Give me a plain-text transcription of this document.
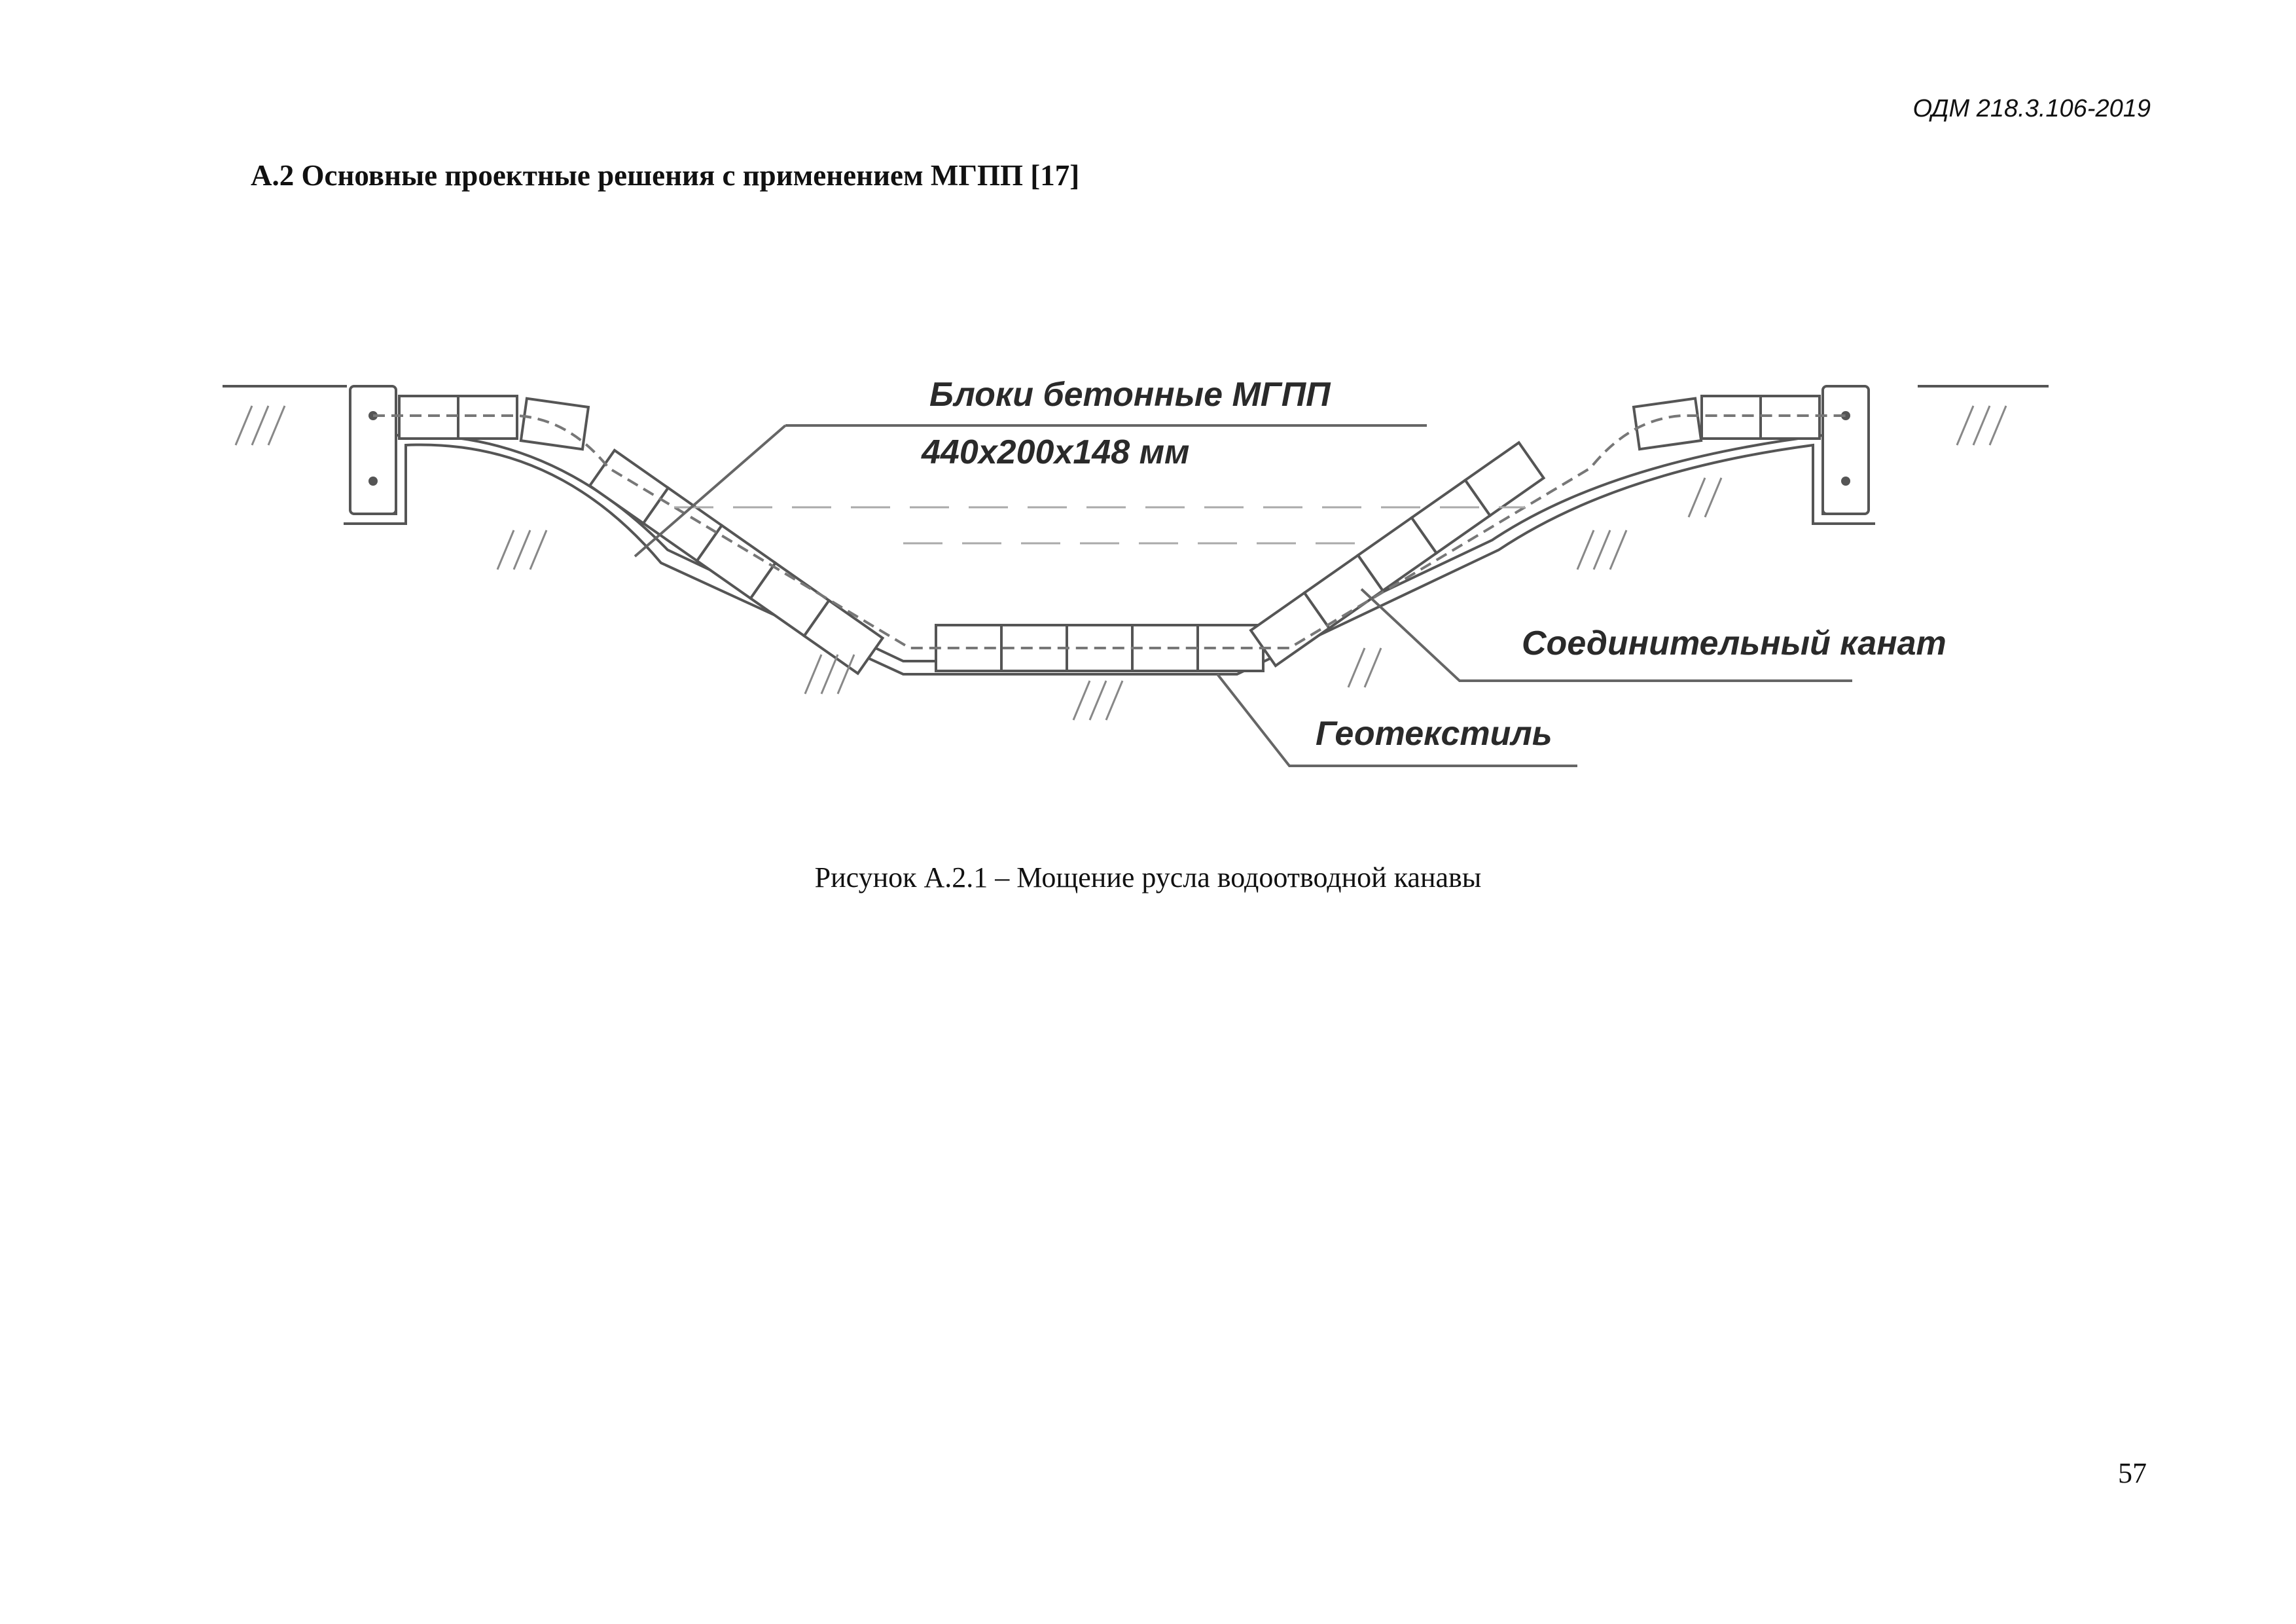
ОДМ 218.3.106-2019
А.2 Основные проектные решения с применением МГПП [17]
Блоки бетонные МГПП
440x200x148 мм
Соединительный канат
Геотекстиль
Рисунок А.2.1 – Мощение русла водоотводной канавы
57
